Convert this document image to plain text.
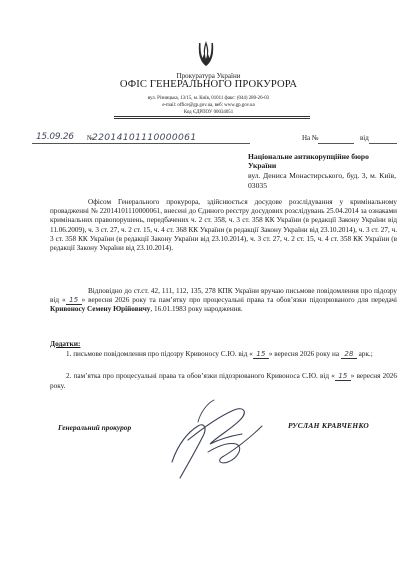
Прокуратура України
ОФІС ГЕНЕРАЛЬНОГО ПРОКУРОРА
вул. Різницька, 13/15, м. Київ, 01011 факс: (044) 280-26-03
e-mail: office@gp.gov.ua, веб: www.gp.gov.ua
Код ЄДРПОУ 00034051
15.09.26 №
22014101110000061	На №	від
Національне антикорупційне бюро України
вул. Дениса Монастирського, буд. 3, м. Київ, 03035
Офісом Генерального прокурора, здійснюється досудове розслідування у кримінальному провадженні № 22014101110000061, внесені до Єдиного реєстру досудових розслідувань 25.04.2014 за ознаками кримінальних правопорушень, передбачених ч. 2 ст. 358, ч. 3 ст. 358 КК України (в редакції Закону України від 11.06.2009), ч. 3 ст. 27, ч. 2 ст. 15, ч. 4 ст. 368 КК України (в редакції Закону України від 23.10.2014), ч. 3 ст. 27, ч. 3 ст. 358 КК України (в редакції Закону України від 23.10.2014), ч. 3 ст. 27, ч. 2 ст. 15, ч. 4 ст. 358 КК України (в редакції Закону України від 23.10.2014).
Відповідно до ст.ст. 42, 111, 112, 135, 278 КПК України вручаю письмове повідомлення про підозру від « 15 » вересня 2026 року та пам’ятку про процесуальні права та обов’язки підозрюваного для передачі Кривоносу Семену Юрійовичу, 16.01.1983 року народження.
Додатки:
1. письмове повідомлення про підозру Кривоносу С.Ю. від « 15 » вересня 2026 року на 28 арк.;
2. пам’ятка про процесуальні права та обов’язки підозрюваного Кривоноса С.Ю. від « 15 » вересня 2026 року.
Генеральний прокурор	РУСЛАН КРАВЧЕНКО
